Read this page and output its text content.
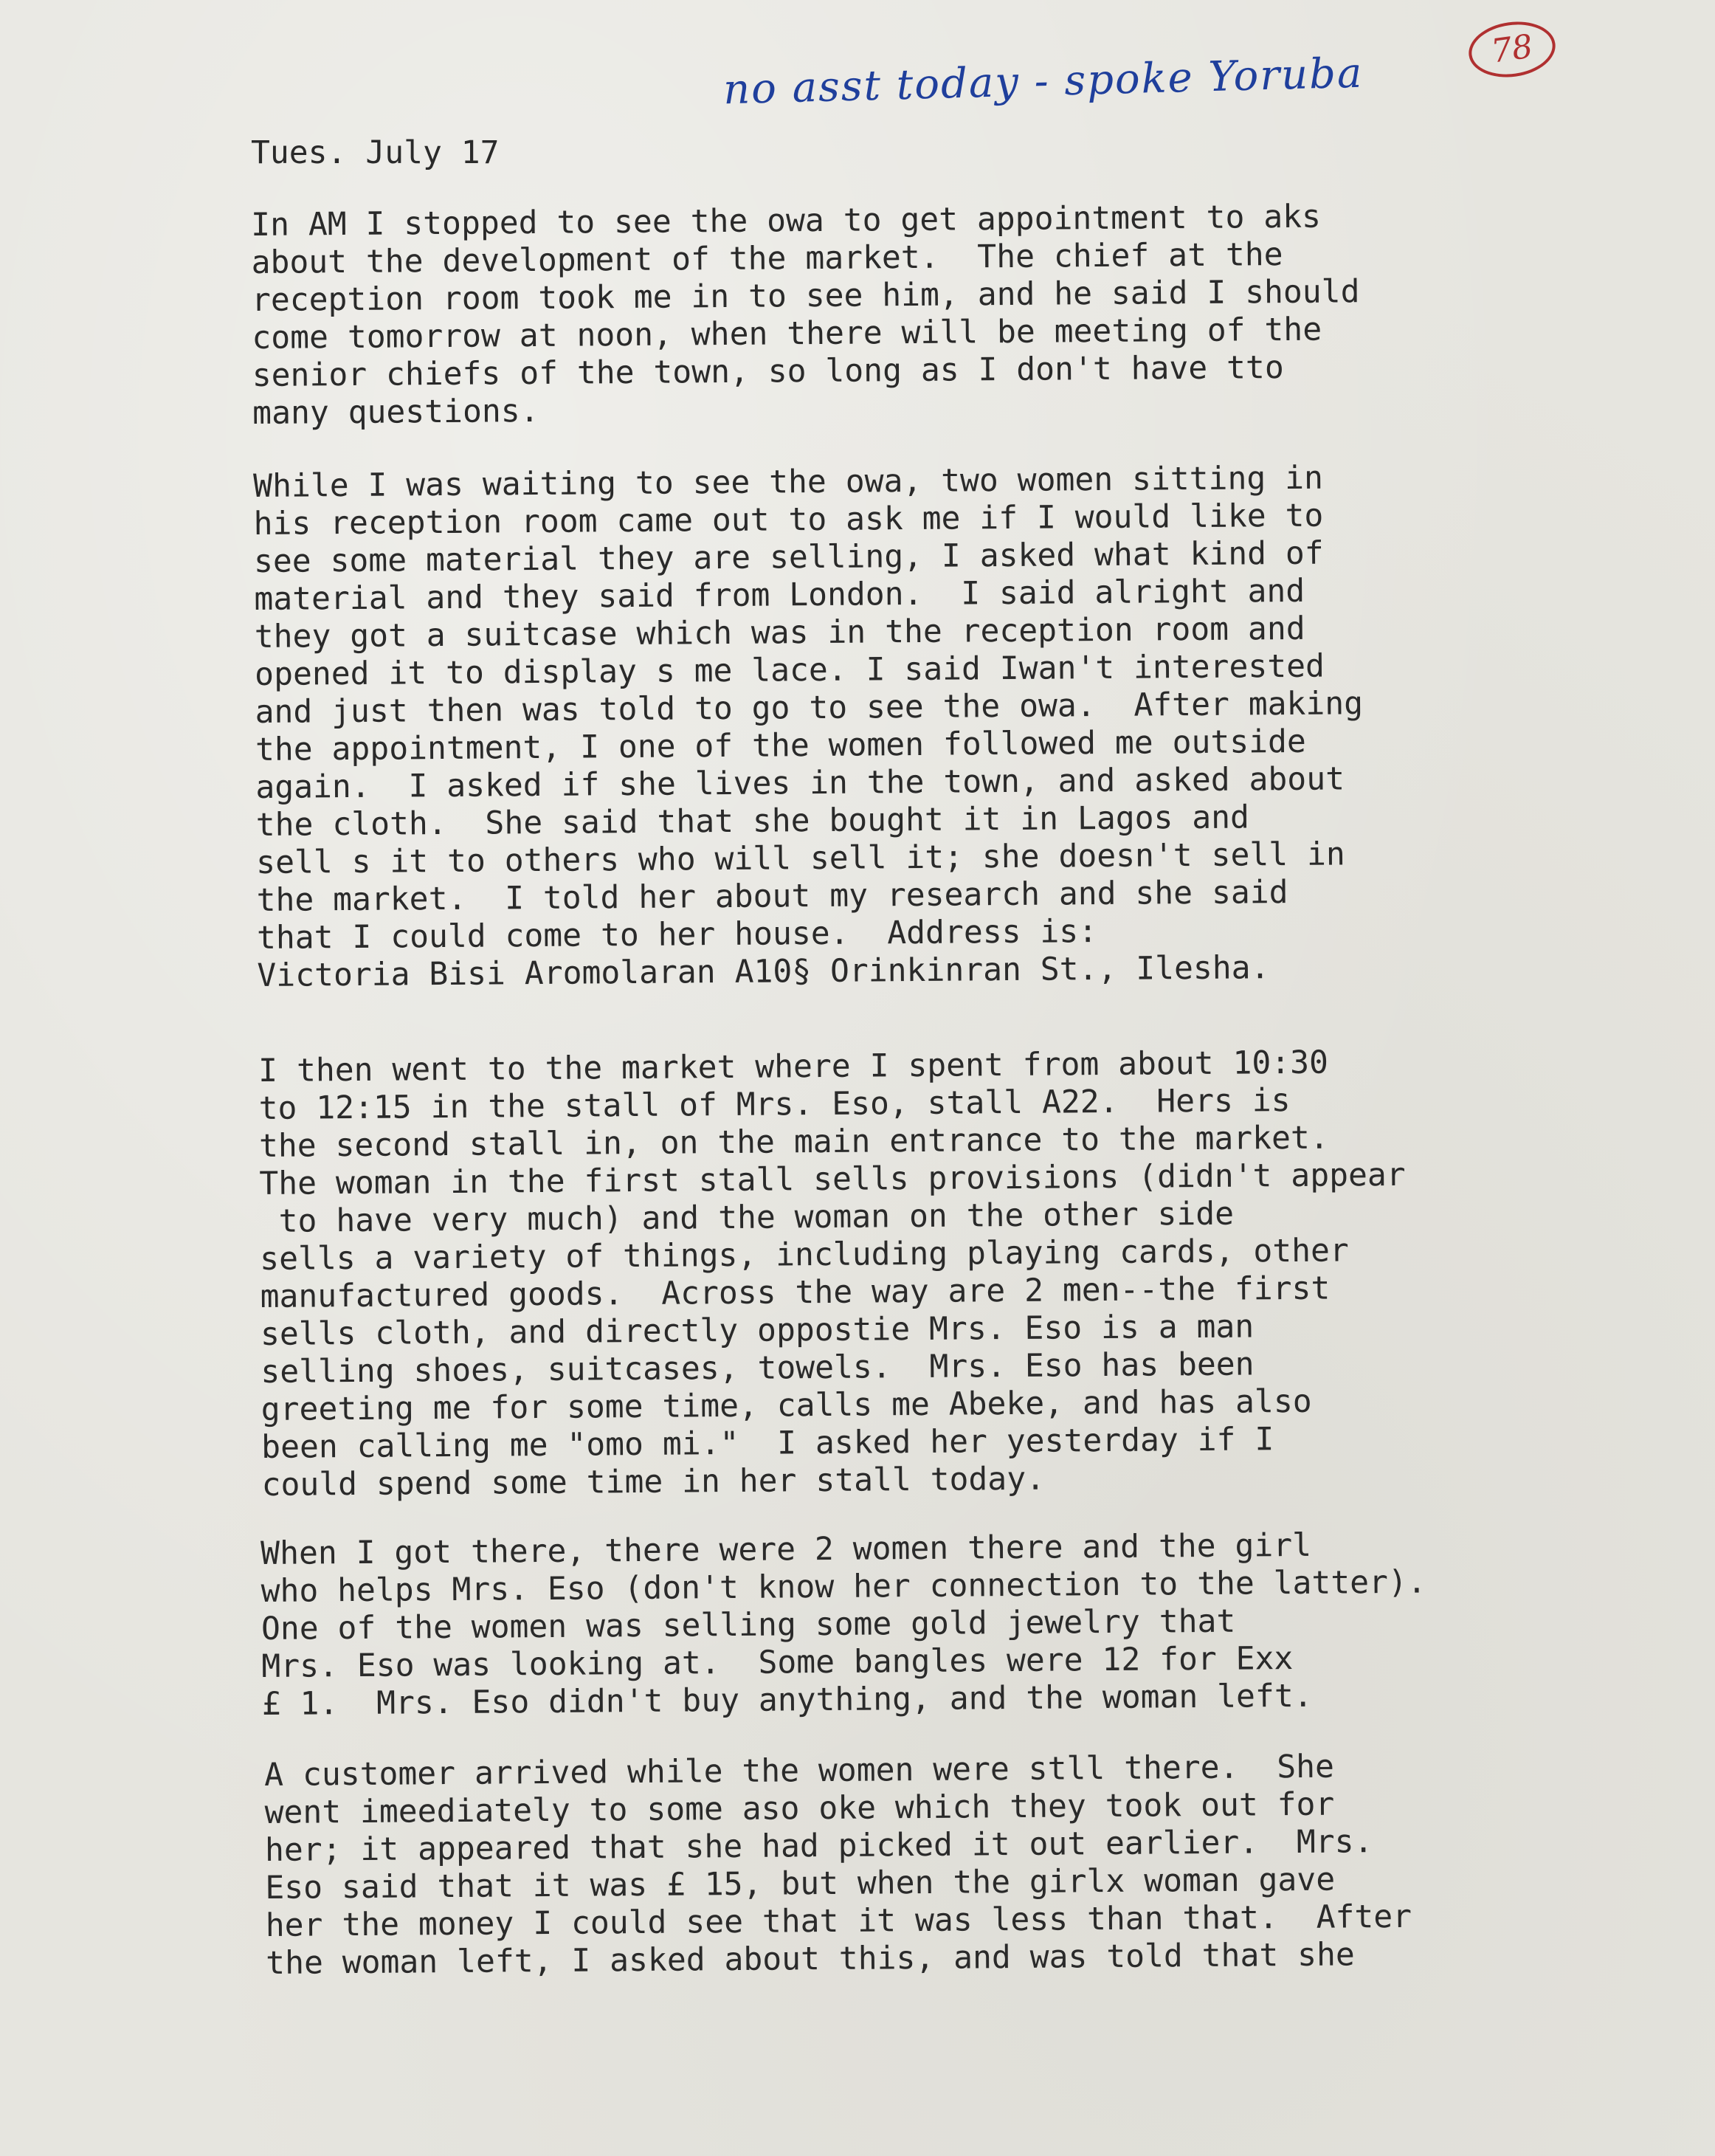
no asst today - spoke Yoruba
78

Tues. July 17

In AM I stopped to see the owa to get appointment to aks
about the development of the market.  The chief at the
reception room took me in to see him, and he said I should
come tomorrow at noon, when there will be meeting of the
senior chiefs of the town, so long as I don't have tto
many questions.

While I was waiting to see the owa, two women sitting in
his reception room came out to ask me if I would like to
see some material they are selling, I asked what kind of
material and they said from London.  I said alright and
they got a suitcase which was in the reception room and
opened it to display s me lace. I said Iwan't interested
and just then was told to go to see the owa.  After making
the appointment, I one of the women followed me outside
again.  I asked if she lives in the town, and asked about
the cloth.  She said that she bought it in Lagos and
sell s it to others who will sell it; she doesn't sell in
the market.  I told her about my research and she said
that I could come to her house.  Address is:
Victoria Bisi Aromolaran A10§ Orinkinran St., Ilesha.

I then went to the market where I spent from about 10:30
to 12:15 in the stall of Mrs. Eso, stall A22.  Hers is
the second stall in, on the main entrance to the market.
The woman in the first stall sells provisions (didn't appear
to have very much) and the woman on the other side
sells a variety of things, including playing cards, other
manufactured goods.  Across the way are 2 men--the first
sells cloth, and directly oppostie Mrs. Eso is a man
selling shoes, suitcases, towels.  Mrs. Eso has been
greeting me for some time, calls me Abeke, and has also
been calling me "omo mi."  I asked her yesterday if I
could spend some time in her stall today.

When I got there, there were 2 women there and the girl
who helps Mrs. Eso (don't know her connection to the latter).
One of the women was selling some gold jewelry that
Mrs. Eso was looking at.  Some bangles were 12 for Exx
£ 1.  Mrs. Eso didn't buy anything, and the woman left.

A customer arrived while the women were stll there.  She
went imeediately to some aso oke which they took out for
her; it appeared that she had picked it out earlier.  Mrs.
Eso said that it was £ 15, but when the girlx woman gave
her the money I could see that it was less than that.  After
the woman left, I asked about this, and was told that she
